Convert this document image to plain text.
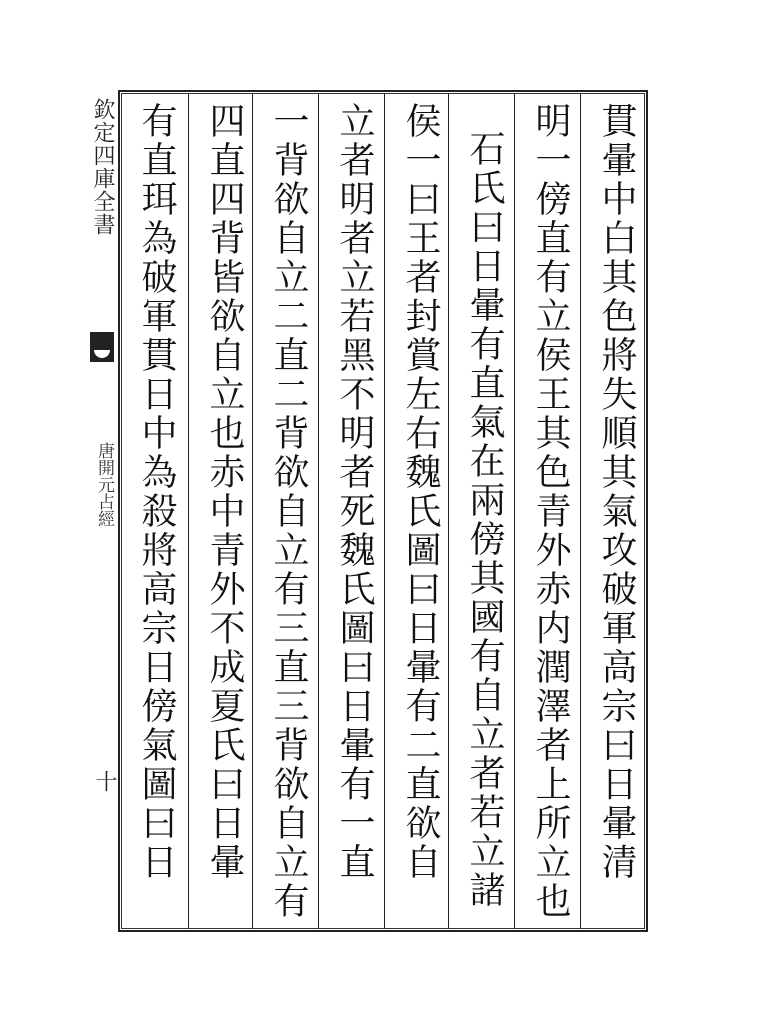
欽定四庫全書
唐開元占經
十
貫暈中白其色將失順其氣攻破軍高宗曰日暈清
明一傍直有立侯王其色青外赤内潤澤者上所立也
石氏曰日暈有直氣在兩傍其國有自立者若立諸
侯一曰王者封賞左右魏氏圖曰日暈有二直欲自
立者明者立若黑不明者死魏氏圖曰日暈有一直
一背欲自立二直二背欲自立有三直三背欲自立有
四直四背皆欲自立也赤中青外不成夏氏曰日暈
有直珥為破軍貫日中為殺將高宗日傍氣圖曰日
